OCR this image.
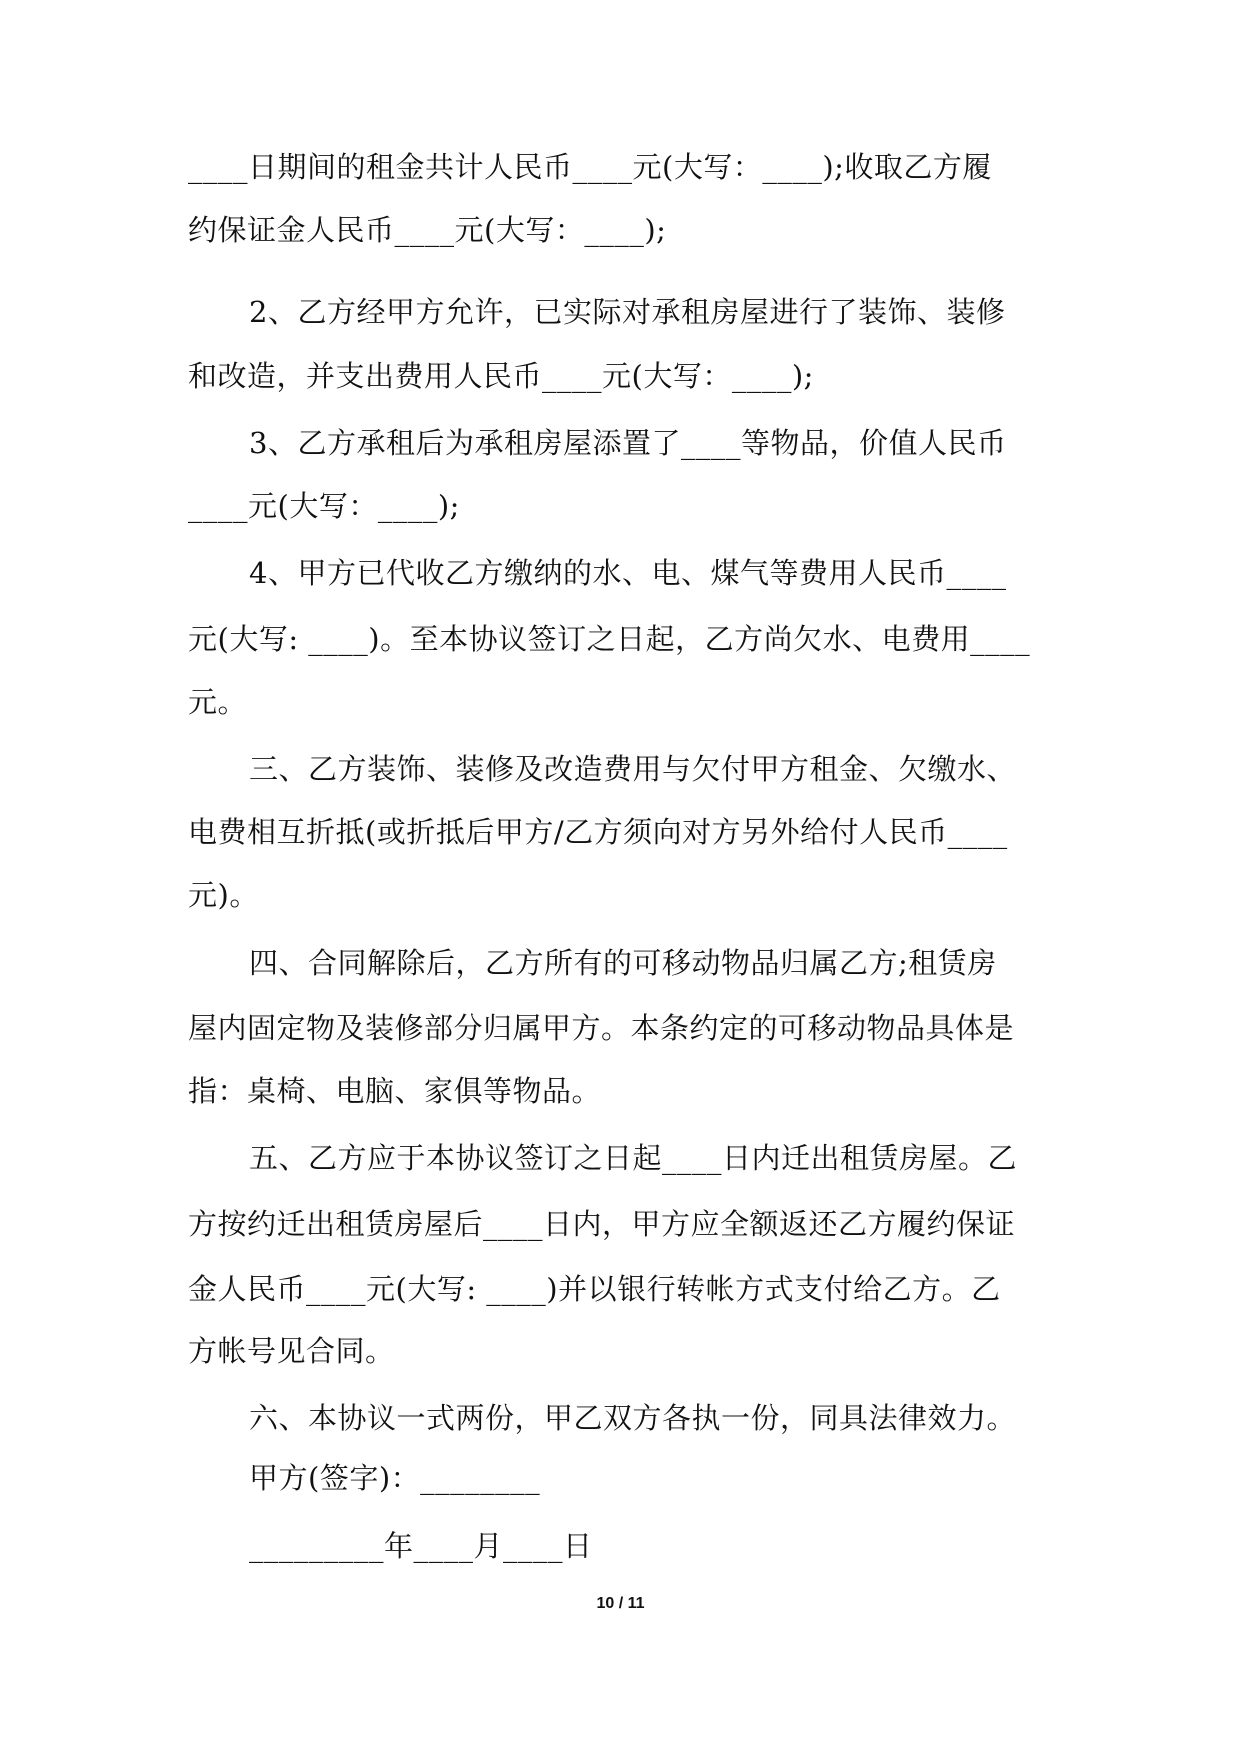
____日期间的租金共计人民币____元(大写：____);收取乙方履
约保证金人民币____元(大写：____);
2、乙方经甲方允许，已实际对承租房屋进行了装饰、装修
和改造，并支出费用人民币____元(大写：____);
3、乙方承租后为承租房屋添置了____等物品，价值人民币
____元(大写：____);
4、甲方已代收乙方缴纳的水、电、煤气等费用人民币____
元(大写: ____)。至本协议签订之日起，乙方尚欠水、电费用____
元。
三、乙方装饰、装修及改造费用与欠付甲方租金、欠缴水、
电费相互折抵(或折抵后甲方/乙方须向对方另外给付人民币____
元)。
四、合同解除后，乙方所有的可移动物品归属乙方;租赁房
屋内固定物及装修部分归属甲方。本条约定的可移动物品具体是
指：桌椅、电脑、家俱等物品。
五、乙方应于本协议签订之日起____日内迁出租赁房屋。乙
方按约迁出租赁房屋后____日内，甲方应全额返还乙方履约保证
金人民币____元(大写: ____)并以银行转帐方式支付给乙方。乙
方帐号见合同。
六、本协议一式两份，甲乙双方各执一份，同具法律效力。
甲方(签字)：________
_________年____月____日
10 / 11
